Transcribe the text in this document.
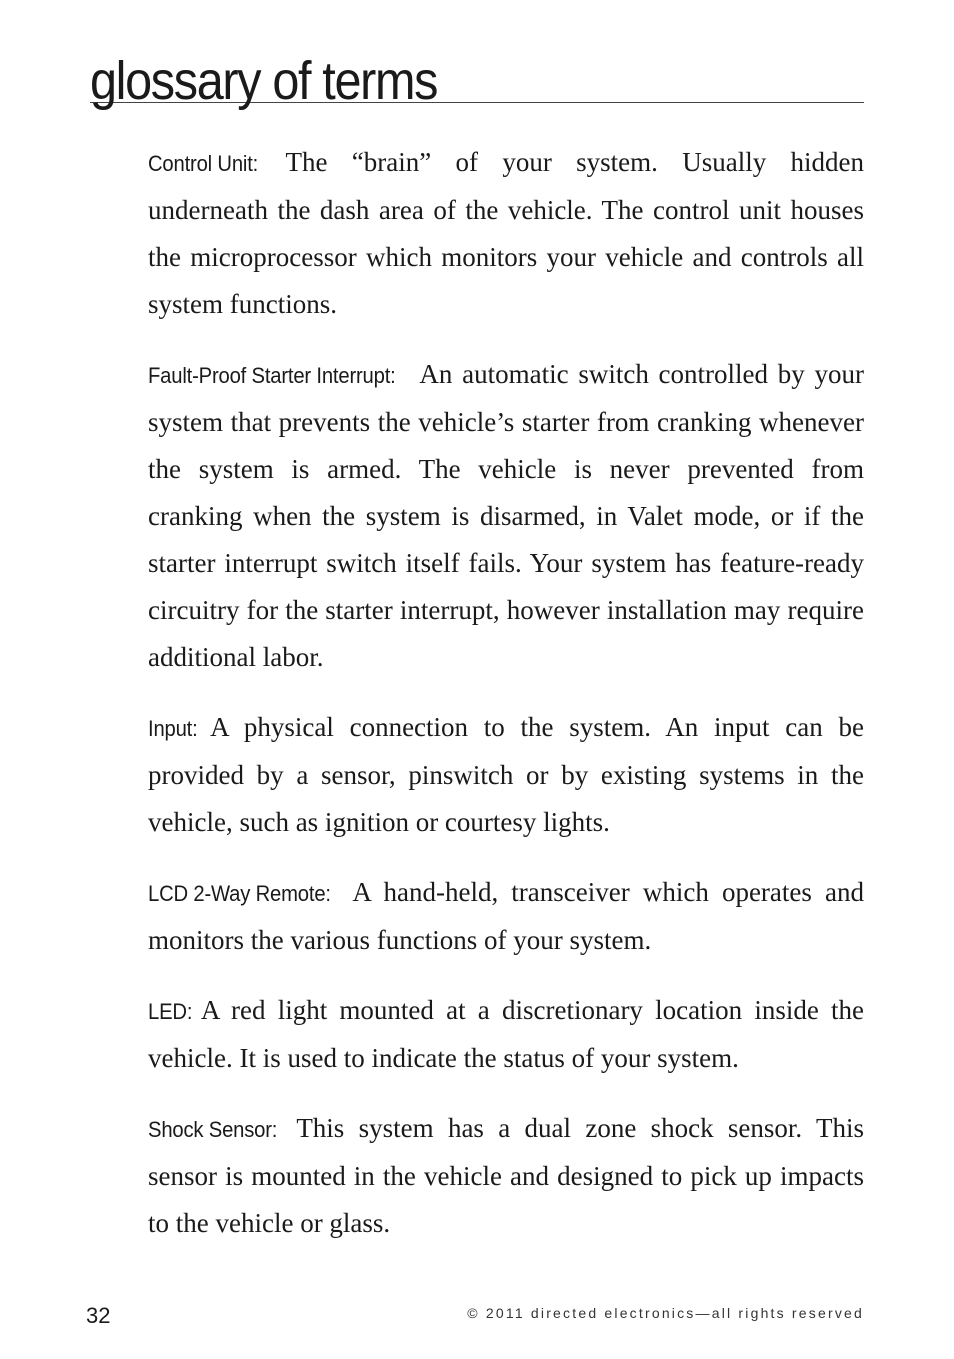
glossary of terms

Control Unit: The “brain” of your system. Usually hidden underneath the dash area of the vehicle. The control unit houses the microprocessor which monitors your vehicle and controls all system functions.

Fault-Proof Starter Interrupt: An automatic switch controlled by your system that prevents the vehicle’s starter from cranking whenever the system is armed. The vehicle is never prevented from cranking when the system is disarmed, in Valet mode, or if the starter interrupt switch itself fails. Your system has feature-ready circuitry for the starter interrupt, however installation may require additional labor.

Input: A physical connection to the system. An input can be provided by a sensor, pinswitch or by existing systems in the vehicle, such as ignition or courtesy lights.

LCD 2-Way Remote: A hand-held, transceiver which operates and monitors the various functions of your system.

LED: A red light mounted at a discretionary location inside the vehicle. It is used to indicate the status of your system.

Shock Sensor: This system has a dual zone shock sensor. This sensor is mounted in the vehicle and designed to pick up impacts to the vehicle or glass.

32	© 2011 directed electronics—all rights reserved
